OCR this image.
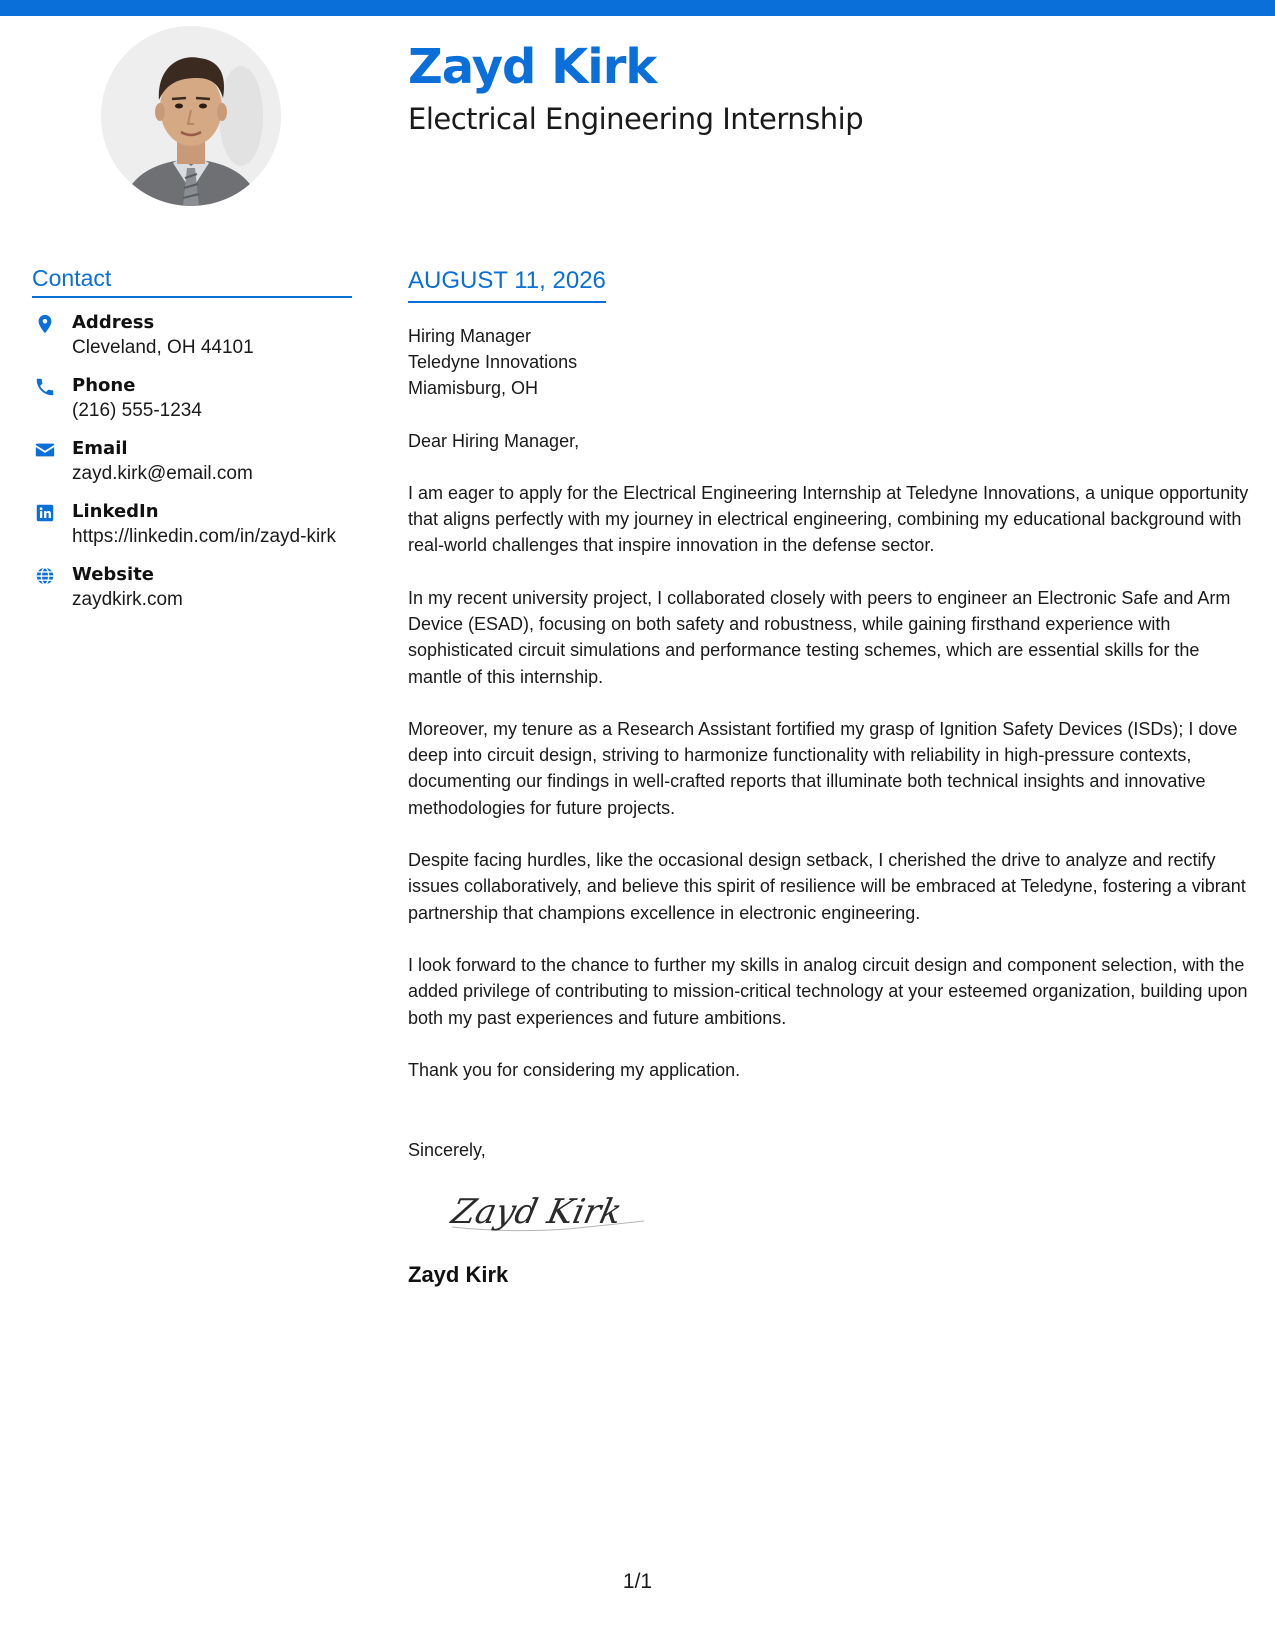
Zayd Kirk
Electrical Engineering Internship
Contact
Address
Cleveland, OH 44101
Phone
(216) 555-1234
Email
zayd.kirk@email.com
LinkedIn
https://linkedin.com/in/zayd-kirk
Website
zaydkirk.com
AUGUST 11, 2026
Hiring Manager
Teledyne Innovations
Miamisburg, OH
Dear Hiring Manager,
I am eager to apply for the Electrical Engineering Internship at Teledyne Innovations, a unique opportunity that aligns perfectly with my journey in electrical engineering, combining my educational background with real-world challenges that inspire innovation in the defense sector.
In my recent university project, I collaborated closely with peers to engineer an Electronic Safe and Arm Device (ESAD), focusing on both safety and robustness, while gaining firsthand experience with sophisticated circuit simulations and performance testing schemes, which are essential skills for the mantle of this internship.
Moreover, my tenure as a Research Assistant fortified my grasp of Ignition Safety Devices (ISDs); I dove deep into circuit design, striving to harmonize functionality with reliability in high-pressure contexts, documenting our findings in well-crafted reports that illuminate both technical insights and innovative methodologies for future projects.
Despite facing hurdles, like the occasional design setback, I cherished the drive to analyze and rectify issues collaboratively, and believe this spirit of resilience will be embraced at Teledyne, fostering a vibrant partnership that champions excellence in electronic engineering.
I look forward to the chance to further my skills in analog circuit design and component selection, with the added privilege of contributing to mission-critical technology at your esteemed organization, building upon both my past experiences and future ambitions.
Thank you for considering my application.
Sincerely,
Zayd Kirk
Zayd Kirk
1/1
